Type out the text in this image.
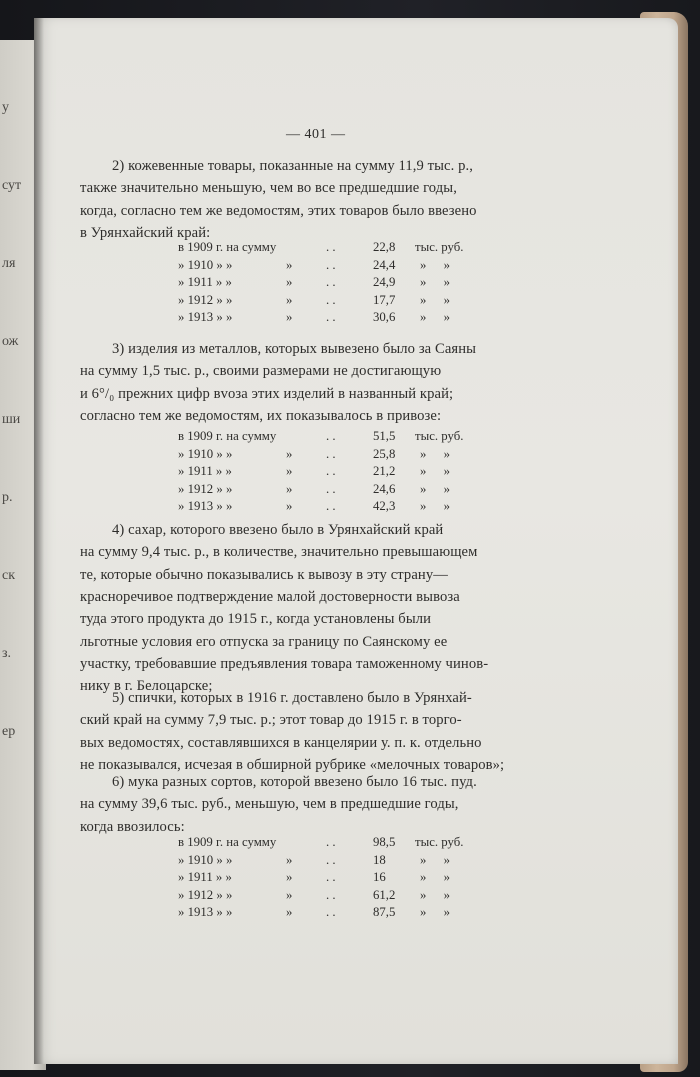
у
сут
ля
ож
ши
р.
ск
з.
ер
— 401 —
2) кожевенные товары, показанные на сумму 11,9 тыс. р.,
также значительно меньшую, чем во все предшедшие годы,
когда, согласно тем же ведомостям, этих товаров было ввезено
в Урянхайский край:
в 1909 г. на сумму	. .	22,8 тыс. руб.
» 1910 » »	»	. .	24,4 » »
» 1911 » »	»	. .	24,9 » »
» 1912 » »	»	. .	17,7 » »
» 1913 » »	»	. .	30,6 » »
3) изделия из металлов, которых вывезено было за Саяны
на сумму 1,5 тыс. р., своими размерами не достигающую
и 6°/₀ прежних цифр вvоза этих изделий в названный край;
согласно тем же ведомостям, их показывалось в привозе:
в 1909 г. на сумму	. .	51,5 тыс. руб.
» 1910 » »	»	. .	25,8 » »
» 1911 » »	»	. .	21,2 » »
» 1912 » »	»	. .	24,6 » »
» 1913 » »	»	. .	42,3 » »
4) сахар, которого ввезено было в Урянхайский край
на сумму 9,4 тыс. р., в количестве, значительно превышающем
те, которые обычно показывались к вывозу в эту страну—
красноречивое подтверждение малой достоверности вывоза
туда этого продукта до 1915 г., когда установлены были
льготные условия его отпуска за границу по Саянскому ее
участку, требовавшие предъявления товара таможенному чинов-
нику в г. Белоцарске;
5) спички, которых в 1916 г. доставлено было в Урянхай-
ский край на сумму 7,9 тыс. р.; этот товар до 1915 г. в торго-
вых ведомостях, составлявшихся в канцелярии у. п. к. отдельно
не показывался, исчезая в обширной рубрике «мелочных товаров»;
6) мука разных сортов, которой ввезено было 16 тыс. пуд.
на сумму 39,6 тыс. руб., меньшую, чем в предшедшие годы,
когда ввозилось:
в 1909 г. на сумму	. .	98,5 тыс. руб.
» 1910 » »	»	. .	18	» »
» 1911 » »	»	. .	16	» »
» 1912 » »	»	. .	61,2 » »
» 1913 » »	»	. .	87,5 » »
